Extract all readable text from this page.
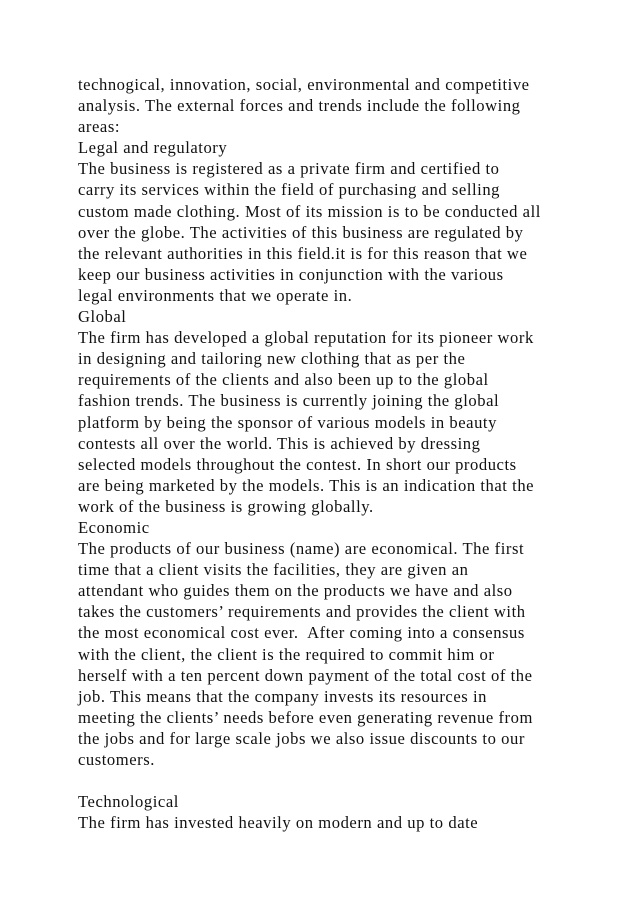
technogical, innovation, social, environmental and competitive
analysis. The external forces and trends include the following
areas:
Legal and regulatory
The business is registered as a private firm and certified to
carry its services within the field of purchasing and selling
custom made clothing. Most of its mission is to be conducted all
over the globe. The activities of this business are regulated by
the relevant authorities in this field.it is for this reason that we
keep our business activities in conjunction with the various
legal environments that we operate in.
Global
The firm has developed a global reputation for its pioneer work
in designing and tailoring new clothing that as per the
requirements of the clients and also been up to the global
fashion trends. The business is currently joining the global
platform by being the sponsor of various models in beauty
contests all over the world. This is achieved by dressing
selected models throughout the contest. In short our products
are being marketed by the models. This is an indication that the
work of the business is growing globally.
Economic
The products of our business (name) are economical. The first
time that a client visits the facilities, they are given an
attendant who guides them on the products we have and also
takes the customers’ requirements and provides the client with
the most economical cost ever.  After coming into a consensus
with the client, the client is the required to commit him or
herself with a ten percent down payment of the total cost of the
job. This means that the company invests its resources in
meeting the clients’ needs before even generating revenue from
the jobs and for large scale jobs we also issue discounts to our
customers.
Technological
The firm has invested heavily on modern and up to date
